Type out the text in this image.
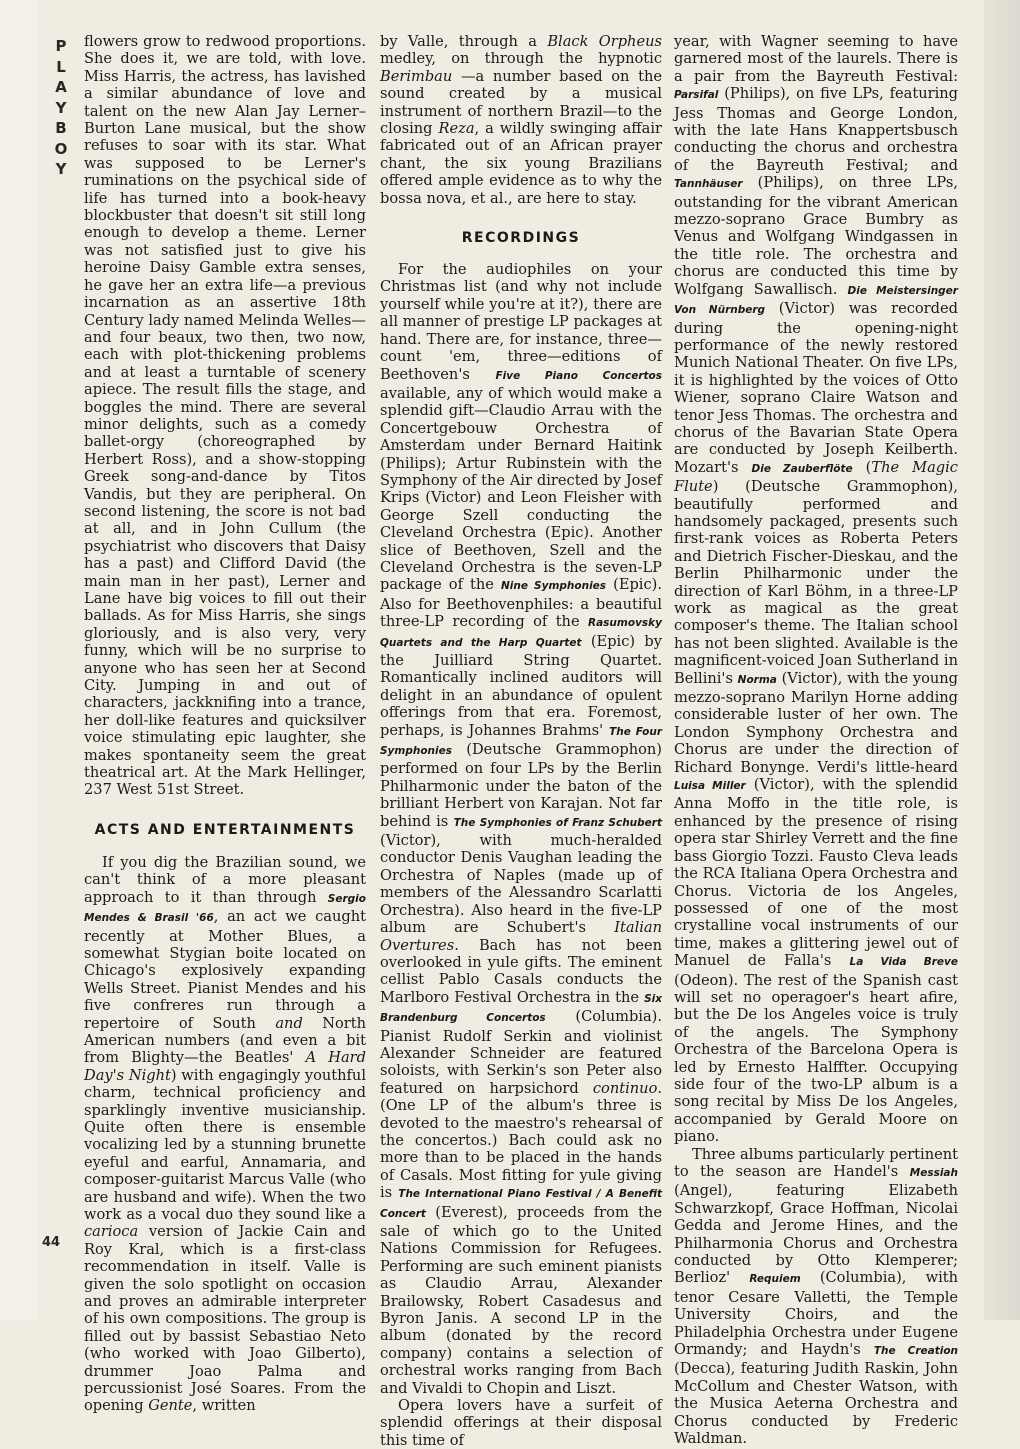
P
L
A
Y
B
O
Y
44

flowers grow to redwood proportions. She does it, we are told, with love. Miss Harris, the actress, has lavished a similar abundance of love and talent on the new Alan Jay Lerner–Burton Lane musical, but the show refuses to soar with its star. What was supposed to be Lerner's ruminations on the psychical side of life has turned into a book-heavy blockbuster that doesn't sit still long enough to develop a theme. Lerner was not satisfied just to give his heroine Daisy Gamble extra senses, he gave her an extra life—a previous incarnation as an assertive 18th Century lady named Melinda Welles—and four beaux, two then, two now, each with plot-thickening problems and at least a turntable of scenery apiece. The result fills the stage, and boggles the mind. There are several minor delights, such as a comedy ballet-orgy (choreographed by Herbert Ross), and a show-stopping Greek song-and-dance by Titos Vandis, but they are peripheral. On second listening, the score is not bad at all, and in John Cullum (the psychiatrist who discovers that Daisy has a past) and Clifford David (the main man in her past), Lerner and Lane have big voices to fill out their ballads. As for Miss Harris, she sings gloriously, and is also very, very funny, which will be no surprise to anyone who has seen her at Second City. Jumping in and out of characters, jackknifing into a trance, her doll-like features and quicksilver voice stimulating epic laughter, she makes spontaneity seem the great theatrical art. At the Mark Hellinger, 237 West 51st Street.

ACTS AND ENTERTAINMENTS

If you dig the Brazilian sound, we can't think of a more pleasant approach to it than through Sergio Mendes & Brasil '66, an act we caught recently at Mother Blues, a somewhat Stygian boite located on Chicago's explosively expanding Wells Street. Pianist Mendes and his five confreres run through a repertoire of South and North American numbers (and even a bit from Blighty—the Beatles' A Hard Day's Night) with engagingly youthful charm, technical proficiency and sparklingly inventive musicianship. Quite often there is ensemble vocalizing led by a stunning brunette eyeful and earful, Annamaria, and composer-guitarist Marcus Valle (who are husband and wife). When the two work as a vocal duo they sound like a carioca version of Jackie Cain and Roy Kral, which is a first-class recommendation in itself. Valle is given the solo spotlight on occasion and proves an admirable interpreter of his own compositions. The group is filled out by bassist Sebastiao Neto (who worked with Joao Gilberto), drummer Joao Palma and percussionist José Soares. From the opening Gente, written

by Valle, through a Black Orpheus medley, on through the hypnotic Berimbau —a number based on the sound created by a musical instrument of northern Brazil—to the closing Reza, a wildly swinging affair fabricated out of an African prayer chant, the six young Brazilians offered ample evidence as to why the bossa nova, et al., are here to stay.

RECORDINGS

For the audiophiles on your Christmas list (and why not include yourself while you're at it?), there are all manner of prestige LP packages at hand. There are, for instance, three—count 'em, three—editions of Beethoven's Five Piano Concertos available, any of which would make a splendid gift—Claudio Arrau with the Concertgebouw Orchestra of Amsterdam under Bernard Haitink (Philips); Artur Rubinstein with the Symphony of the Air directed by Josef Krips (Victor) and Leon Fleisher with George Szell conducting the Cleveland Orchestra (Epic). Another slice of Beethoven, Szell and the Cleveland Orchestra is the seven-LP package of the Nine Symphonies (Epic). Also for Beethovenphiles: a beautiful three-LP recording of the Rasumovsky Quartets and the Harp Quartet (Epic) by the Juilliard String Quartet. Romantically inclined auditors will delight in an abundance of opulent offerings from that era. Foremost, perhaps, is Johannes Brahms' The Four Symphonies (Deutsche Grammophon) performed on four LPs by the Berlin Philharmonic under the baton of the brilliant Herbert von Karajan. Not far behind is The Symphonies of Franz Schubert (Victor), with much-heralded conductor Denis Vaughan leading the Orchestra of Naples (made up of members of the Alessandro Scarlatti Orchestra). Also heard in the five-LP album are Schubert's Italian Overtures. Bach has not been overlooked in yule gifts. The eminent cellist Pablo Casals conducts the Marlboro Festival Orchestra in the Six Brandenburg Concertos (Columbia). Pianist Rudolf Serkin and violinist Alexander Schneider are featured soloists, with Serkin's son Peter also featured on harpsichord continuo. (One LP of the album's three is devoted to the maestro's rehearsal of the concertos.) Bach could ask no more than to be placed in the hands of Casals. Most fitting for yule giving is The International Piano Festival / A Benefit Concert (Everest), proceeds from the sale of which go to the United Nations Commission for Refugees. Performing are such eminent pianists as Claudio Arrau, Alexander Brailowsky, Robert Casadesus and Byron Janis. A second LP in the album (donated by the record company) contains a selection of orchestral works ranging from Bach and Vivaldi to Chopin and Liszt.

Opera lovers have a surfeit of splendid offerings at their disposal this time of

year, with Wagner seeming to have garnered most of the laurels. There is a pair from the Bayreuth Festival: Parsifal (Philips), on five LPs, featuring Jess Thomas and George London, with the late Hans Knappertsbusch conducting the chorus and orchestra of the Bayreuth Festival; and Tannhäuser (Philips), on three LPs, outstanding for the vibrant American mezzo-soprano Grace Bumbry as Venus and Wolfgang Windgassen in the title role. The orchestra and chorus are conducted this time by Wolfgang Sawallisch. Die Meistersinger Von Nürnberg (Victor) was recorded during the opening-night performance of the newly restored Munich National Theater. On five LPs, it is highlighted by the voices of Otto Wiener, soprano Claire Watson and tenor Jess Thomas. The orchestra and chorus of the Bavarian State Opera are conducted by Joseph Keilberth. Mozart's Die Zauberflöte (The Magic Flute) (Deutsche Grammophon), beautifully performed and handsomely packaged, presents such first-rank voices as Roberta Peters and Dietrich Fischer-Dieskau, and the Berlin Philharmonic under the direction of Karl Böhm, in a three-LP work as magical as the great composer's theme. The Italian school has not been slighted. Available is the magnificent-voiced Joan Sutherland in Bellini's Norma (Victor), with the young mezzo-soprano Marilyn Horne adding considerable luster of her own. The London Symphony Orchestra and Chorus are under the direction of Richard Bonynge. Verdi's little-heard Luisa Miller (Victor), with the splendid Anna Moffo in the title role, is enhanced by the presence of rising opera star Shirley Verrett and the fine bass Giorgio Tozzi. Fausto Cleva leads the RCA Italiana Opera Orchestra and Chorus. Victoria de los Angeles, possessed of one of the most crystalline vocal instruments of our time, makes a glittering jewel out of Manuel de Falla's La Vida Breve (Odeon). The rest of the Spanish cast will set no operagoer's heart afire, but the De los Angeles voice is truly of the angels. The Symphony Orchestra of the Barcelona Opera is led by Ernesto Halffter. Occupying side four of the two-LP album is a song recital by Miss De los Angeles, accompanied by Gerald Moore on piano.

Three albums particularly pertinent to the season are Handel's Messiah (Angel), featuring Elizabeth Schwarzkopf, Grace Hoffman, Nicolai Gedda and Jerome Hines, and the Philharmonia Chorus and Orchestra conducted by Otto Klemperer; Berlioz' Requiem (Columbia), with tenor Cesare Valletti, the Temple University Choirs, and the Philadelphia Orchestra under Eugene Ormandy; and Haydn's The Creation (Decca), featuring Judith Raskin, John McCollum and Chester Watson, with the Musica Aeterna Orchestra and Chorus conducted by Frederic Waldman.
